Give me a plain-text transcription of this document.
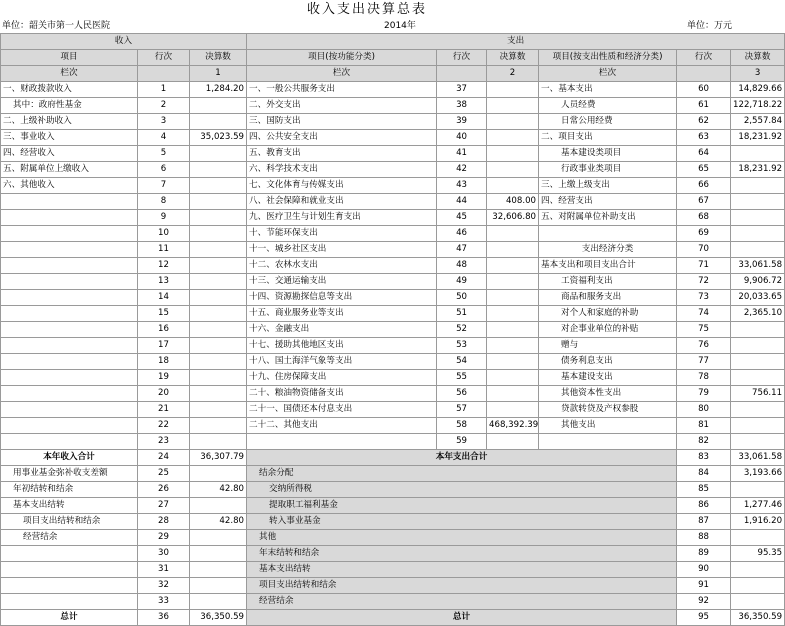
收入支出决算总表
单位：韶关市第一人民医院	2014年	单位：万元
收入			支出					
项目	行次	决算数	项目(按功能分类)	行次	决算数	项目(按支出性质和经济分类)	行次	决算数
栏次		1	栏次		2	栏次		3
一、财政拨款收入	1	1,284.20	一、一般公共服务支出	37		一、基本支出	60	14,829.66
其中：政府性基金	2		二、外交支出	38		人员经费	61	122,718.22
二、上级补助收入	3		三、国防支出	39		日常公用经费	62	2,557.84
三、事业收入	4	35,023.59	四、公共安全支出	40		二、项目支出	63	18,231.92
四、经营收入	5		五、教育支出	41		基本建设类项目	64	
五、附属单位上缴收入	6		六、科学技术支出	42		行政事业类项目	65	18,231.92
六、其他收入	7		七、文化体育与传媒支出	43		三、上缴上级支出	66	
	8		八、社会保障和就业支出	44	408.00	四、经营支出	67	
	9		九、医疗卫生与计划生育支出	45	32,606.80	五、对附属单位补助支出	68	
	10		十、节能环保支出	46			69	
	11		十一、城乡社区支出	47		支出经济分类	70	
	12		十二、农林水支出	48		基本支出和项目支出合计	71	33,061.58
	13		十三、交通运输支出	49		工资福利支出	72	9,906.72
	14		十四、资源勘探信息等支出	50		商品和服务支出	73	20,033.65
	15		十五、商业服务业等支出	51		对个人和家庭的补助	74	2,365.10
	16		十六、金融支出	52		对企事业单位的补贴	75	
	17		十七、援助其他地区支出	53		赠与	76	
	18		十八、国土海洋气象等支出	54		债务利息支出	77	
	19		十九、住房保障支出	55		基本建设支出	78	
	20		二十、粮油物资储备支出	56		其他资本性支出	79	756.11
	21		二十一、国债还本付息支出	57		贷款转贷及产权参股	80	
	22		二十二、其他支出	58	468,392.39	其他支出	81	
	23			59			82	
本年收入合计	24	36,307.79	本年支出合计				83	33,061.58
用事业基金弥补收支差额	25		结余分配				84	3,193.66
年初结转和结余	26	42.80	交纳所得税				85	
基本支出结转	27		提取职工福利基金				86	1,277.46
项目支出结转和结余	28	42.80	转入事业基金				87	1,916.20
经营结余	29		其他				88	
	30		年末结转和结余				89	95.35
	31		基本支出结转				90	
	32		项目支出结转和结余				91	
	33		经营结余				92	
总计	36	36,350.59	总计				95	36,350.59
